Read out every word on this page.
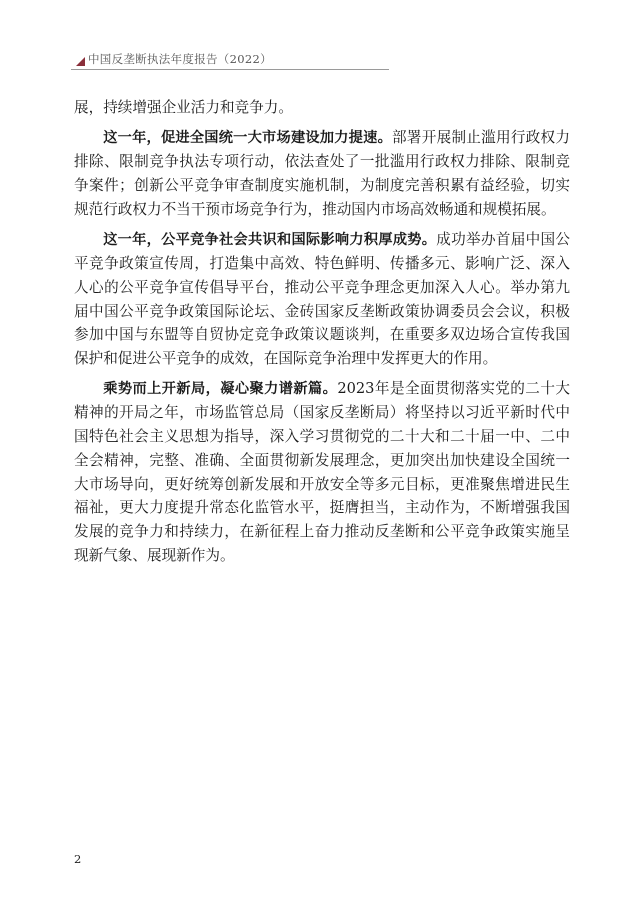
中国反垄断执法年度报告（2022）

展，持续增强企业活力和竞争力。

这一年，促进全国统一大市场建设加力提速。部署开展制止滥用行政权力排除、限制竞争执法专项行动，依法查处了一批滥用行政权力排除、限制竞争案件；创新公平竞争审查制度实施机制，为制度完善积累有益经验，切实规范行政权力不当干预市场竞争行为，推动国内市场高效畅通和规模拓展。

这一年，公平竞争社会共识和国际影响力积厚成势。成功举办首届中国公平竞争政策宣传周，打造集中高效、特色鲜明、传播多元、影响广泛、深入人心的公平竞争宣传倡导平台，推动公平竞争理念更加深入人心。举办第九届中国公平竞争政策国际论坛、金砖国家反垄断政策协调委员会会议，积极参加中国与东盟等自贸协定竞争政策议题谈判，在重要多双边场合宣传我国保护和促进公平竞争的成效，在国际竞争治理中发挥更大的作用。

乘势而上开新局，凝心聚力谱新篇。2023年是全面贯彻落实党的二十大精神的开局之年，市场监管总局（国家反垄断局）将坚持以习近平新时代中国特色社会主义思想为指导，深入学习贯彻党的二十大和二十届一中、二中全会精神，完整、准确、全面贯彻新发展理念，更加突出加快建设全国统一大市场导向，更好统筹创新发展和开放安全等多元目标，更准聚焦增进民生福祉，更大力度提升常态化监管水平，挺膺担当，主动作为，不断增强我国发展的竞争力和持续力，在新征程上奋力推动反垄断和公平竞争政策实施呈现新气象、展现新作为。

2
